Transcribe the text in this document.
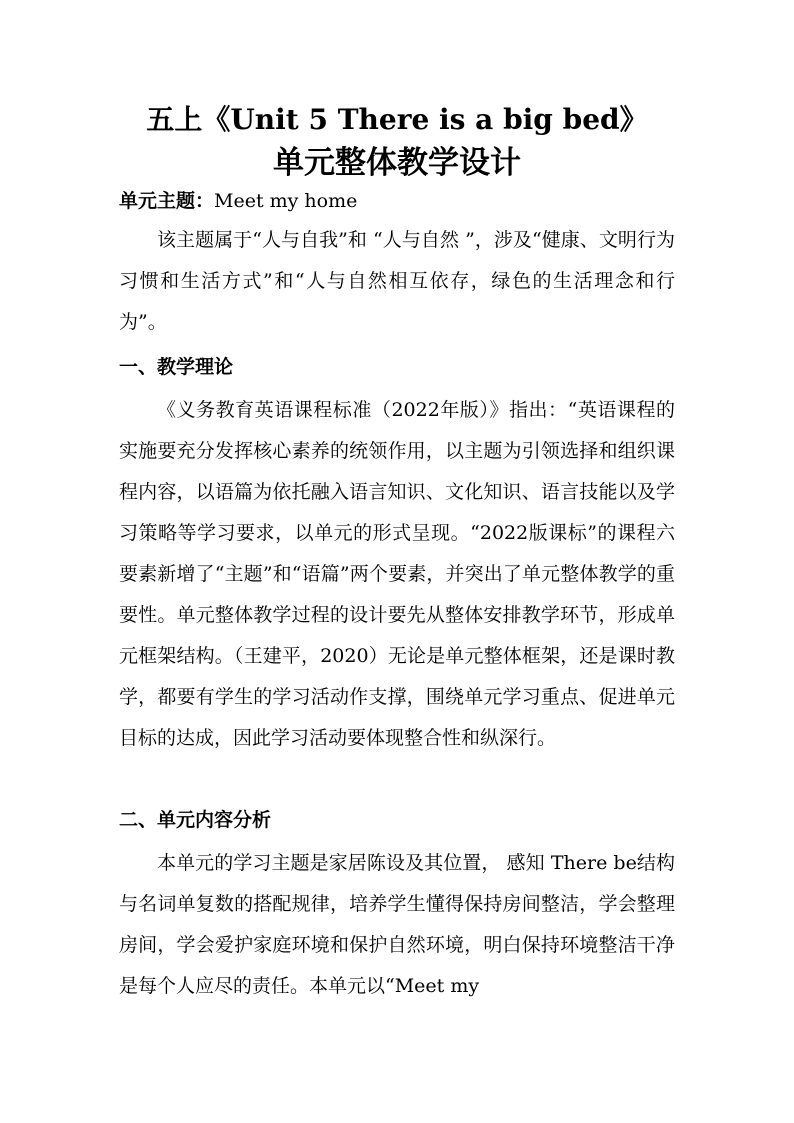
五上《Unit 5 There is a big bed》
单元整体教学设计
单元主题：Meet my home

该主题属于“人与自我”和 “人与自然 ”，涉及“健康、文明行为习惯和生活方式”和“人与自然相互依存，绿色的生活理念和行为”。

一、教学理论

《义务教育英语课程标准（2022年版）》指出：“英语课程的实施要充分发挥核心素养的统领作用，以主题为引领选择和组织课程内容，以语篇为依托融入语言知识、文化知识、语言技能以及学习策略等学习要求，以单元的形式呈现。“2022版课标”的课程六要素新增了“主题”和“语篇”两个要素，并突出了单元整体教学的重要性。单元整体教学过程的设计要先从整体安排教学环节，形成单元框架结构。（王建平，2020）无论是单元整体框架，还是课时教学，都要有学生的学习活动作支撑，围绕单元学习重点、促进单元目标的达成，因此学习活动要体现整合性和纵深行。

二、单元内容分析

本单元的学习主题是家居陈设及其位置， 感知 There be结构与名词单复数的搭配规律，培养学生懂得保持房间整洁，学会整理房间，学会爱护家庭环境和保护自然环境，明白保持环境整洁干净是每个人应尽的责任。本单元以“Meet my
